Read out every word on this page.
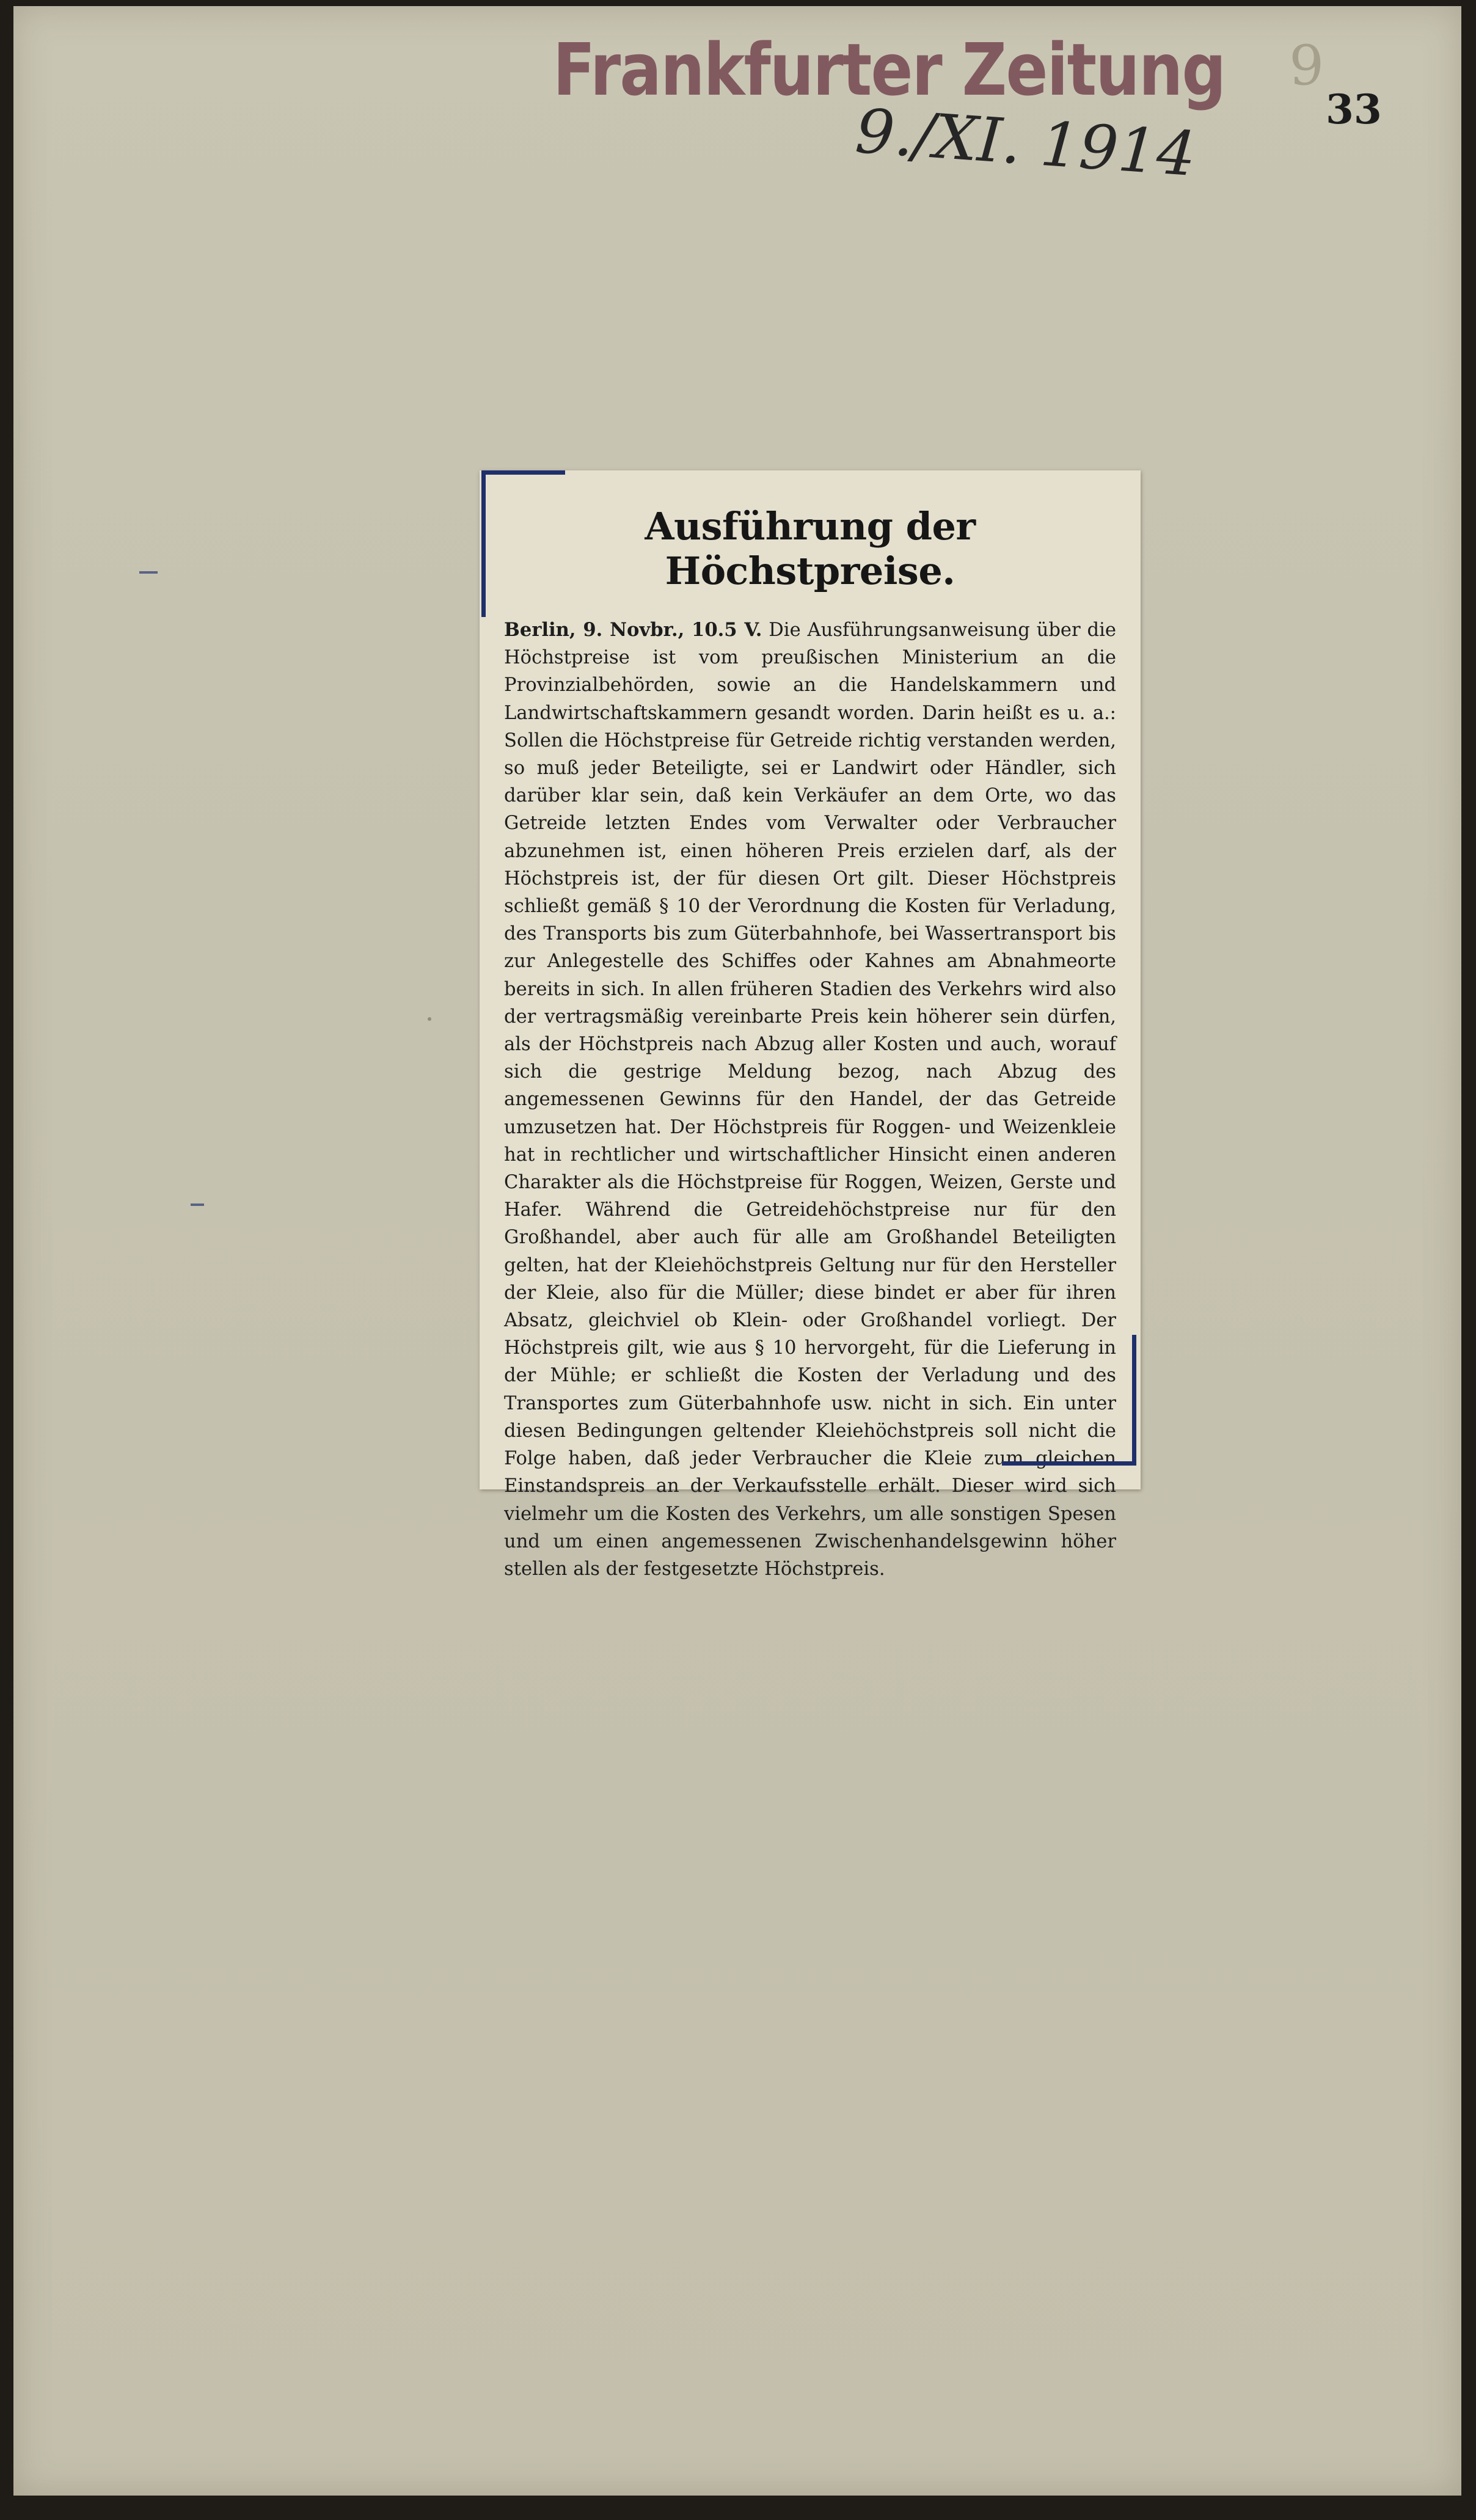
Frankfurter Zeitung
9./XI. 1914
9
33
Ausführung der Höchstpreise.

Berlin, 9. Novbr., 10.5 V. Die Ausführungsanweisung über die Höchstpreise ist vom preußischen Ministerium an die Provinzialbehörden, sowie an die Handelskammern und Landwirtschaftskammern gesandt worden. Darin heißt es u. a.: Sollen die Höchstpreise für Getreide richtig verstanden werden, so muß jeder Beteiligte, sei er Landwirt oder Händler, sich darüber klar sein, daß kein Verkäufer an dem Orte, wo das Getreide letzten Endes vom Verwalter oder Verbraucher abzunehmen ist, einen höheren Preis erzielen darf, als der Höchstpreis ist, der für diesen Ort gilt. Dieser Höchstpreis schließt gemäß § 10 der Verordnung die Kosten für Verladung, des Transports bis zum Güterbahnhofe, bei Wassertransport bis zur Anlegestelle des Schiffes oder Kahnes am Abnahmeorte bereits in sich. In allen früheren Stadien des Verkehrs wird also der vertragsmäßig vereinbarte Preis kein höherer sein dürfen, als der Höchstpreis nach Abzug aller Kosten und auch, worauf sich die gestrige Meldung bezog, nach Abzug des angemessenen Gewinns für den Handel, der das Getreide umzusetzen hat. Der Höchstpreis für Roggen- und Weizenkleie hat in rechtlicher und wirtschaftlicher Hinsicht einen anderen Charakter als die Höchstpreise für Roggen, Weizen, Gerste und Hafer. Während die Getreidehöchstpreise nur für den Großhandel, aber auch für alle am Großhandel Beteiligten gelten, hat der Kleiehöchstpreis Geltung nur für den Hersteller der Kleie, also für die Müller; diese bindet er aber für ihren Absatz, gleichviel ob Klein- oder Großhandel vorliegt. Der Höchstpreis gilt, wie aus § 10 hervorgeht, für die Lieferung in der Mühle; er schließt die Kosten der Verladung und des Transportes zum Güterbahnhofe usw. nicht in sich. Ein unter diesen Bedingungen geltender Kleiehöchstpreis soll nicht die Folge haben, daß jeder Verbraucher die Kleie zum gleichen Einstandspreis an der Verkaufsstelle erhält. Dieser wird sich vielmehr um die Kosten des Verkehrs, um alle sonstigen Spesen und um einen angemessenen Zwischenhandelsgewinn höher stellen als der festgesetzte Höchstpreis.
